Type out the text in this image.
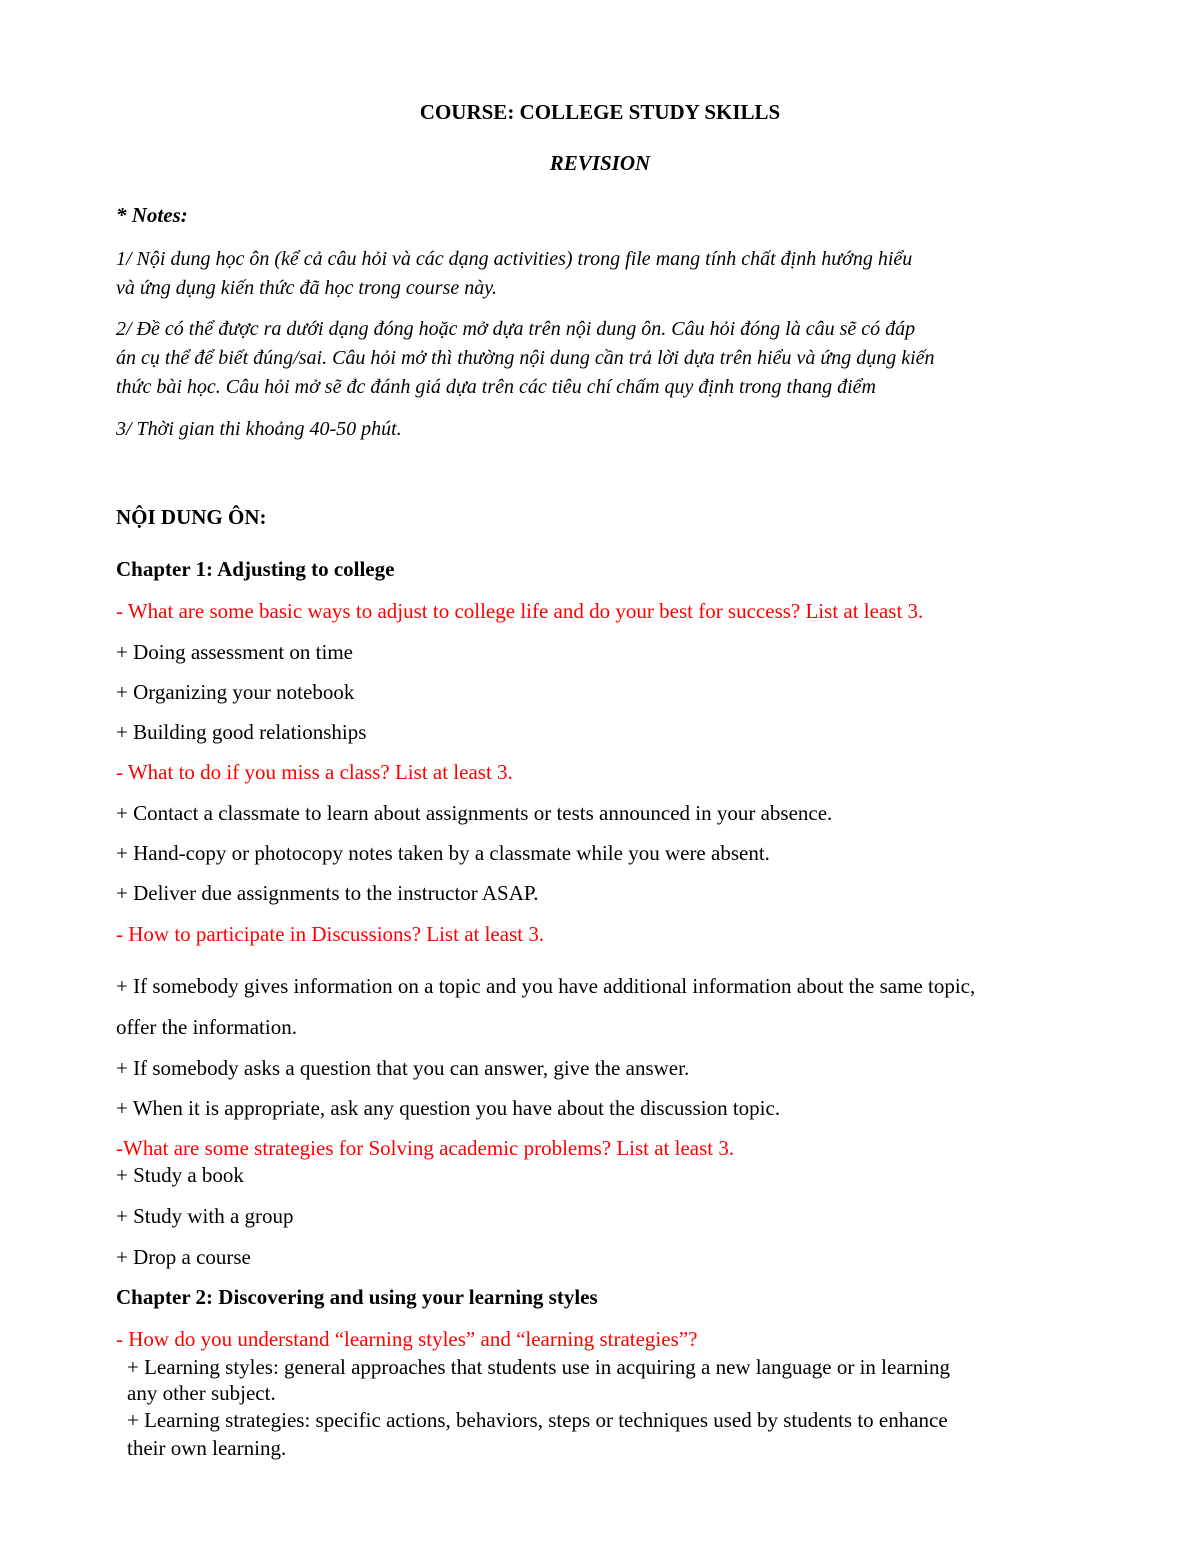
COURSE: COLLEGE STUDY SKILLS
REVISION
* Notes:
1/ Nội dung học ôn (kể cả câu hỏi và các dạng activities) trong file mang tính chất định hướng hiểu
và ứng dụng kiến thức đã học trong course này.
2/ Đề có thể được ra dưới dạng đóng hoặc mở dựa trên nội dung ôn. Câu hỏi đóng là câu sẽ có đáp
án cụ thể để biết đúng/sai. Câu hỏi mở thì thường nội dung cần trả lời dựa trên hiểu và ứng dụng kiến
thức bài học. Câu hỏi mở sẽ đc đánh giá dựa trên các tiêu chí chấm quy định trong thang điểm
3/ Thời gian thi khoảng 40-50 phút.
NỘI DUNG ÔN:
Chapter 1: Adjusting to college
- What are some basic ways to adjust to college life and do your best for success? List at least 3.
+ Doing assessment on time
+ Organizing your notebook
+ Building good relationships
- What to do if you miss a class? List at least 3.
+ Contact a classmate to learn about assignments or tests announced in your absence.
+ Hand-copy or photocopy notes taken by a classmate while you were absent.
+ Deliver due assignments to the instructor ASAP.
- How to participate in Discussions? List at least 3.
+ If somebody gives information on a topic and you have additional information about the same topic,
offer the information.
+ If somebody asks a question that you can answer, give the answer.
+ When it is appropriate, ask any question you have about the discussion topic.
-What are some strategies for Solving academic problems? List at least 3.
+ Study a book
+ Study with a group
+ Drop a course
Chapter 2: Discovering and using your learning styles
- How do you understand “learning styles” and “learning strategies”?
+ Learning styles: general approaches that students use in acquiring a new language or in learning
any other subject.
+ Learning strategies: specific actions, behaviors, steps or techniques used by students to enhance
their own learning.
